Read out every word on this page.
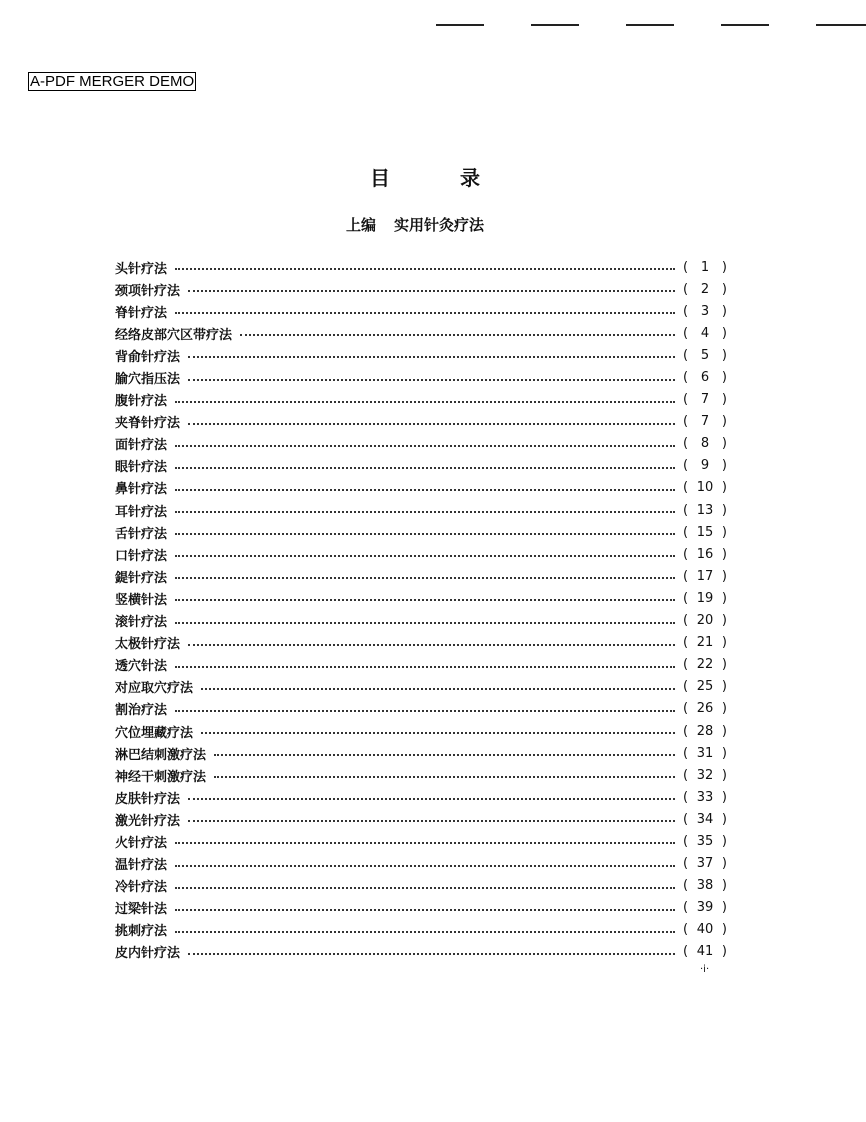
A-PDF MERGER DEMO
目录
上编 实用针灸疗法
头针疗法	( 1 )
颈项针疗法	( 2 )
脊针疗法	( 3 )
经络皮部穴区带疗法	( 4 )
背俞针疗法	( 5 )
腧穴指压法	( 6 )
腹针疗法	( 7 )
夹脊针疗法	( 7 )
面针疗法	( 8 )
眼针疗法	( 9 )
鼻针疗法	( 10 )
耳针疗法	( 13 )
舌针疗法	( 15 )
口针疗法	( 16 )
鍉针疗法	( 17 )
竖横针法	( 19 )
滚针疗法	( 20 )
太极针疗法	( 21 )
透穴针法	( 22 )
对应取穴疗法	( 25 )
割治疗法	( 26 )
穴位埋藏疗法	( 28 )
淋巴结刺激疗法	( 31 )
神经干刺激疗法	( 32 )
皮肤针疗法	( 33 )
激光针疗法	( 34 )
火针疗法	( 35 )
温针疗法	( 37 )
冷针疗法	( 38 )
过梁针法	( 39 )
挑刺疗法	( 40 )
皮内针疗法	( 41 )
·i·
